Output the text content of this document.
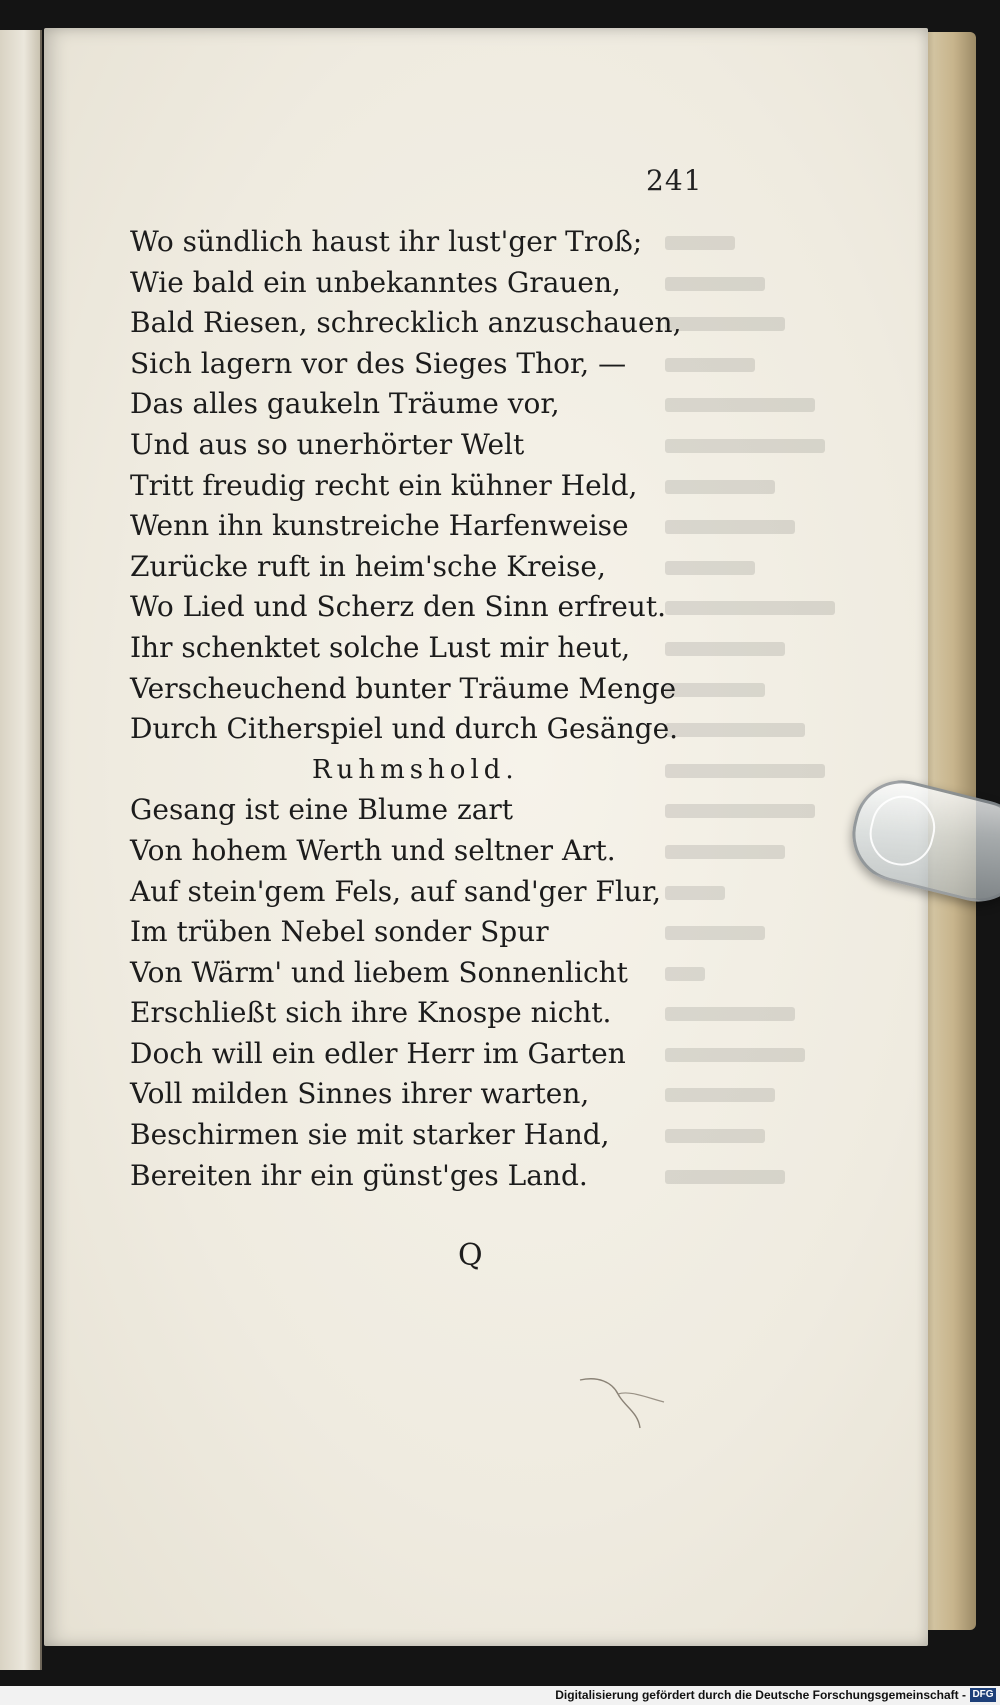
241
Wo sündlich haust ihr lust'ger Troß;
Wie bald ein unbekanntes Grauen,
Bald Riesen, schrecklich anzuschauen,
Sich lagern vor des Sieges Thor, —
Das alles gaukeln Träume vor,
Und aus so unerhörter Welt
Tritt freudig recht ein kühner Held,
Wenn ihn kunstreiche Harfenweise
Zurücke ruft in heim'sche Kreise,
Wo Lied und Scherz den Sinn erfreut.
Ihr schenktet solche Lust mir heut,
Verscheuchend bunter Träume Menge
Durch Citherspiel und durch Gesänge.
Ruhmshold.
Gesang ist eine Blume zart
Von hohem Werth und seltner Art.
Auf stein'gem Fels, auf sand'ger Flur,
Im trüben Nebel sonder Spur
Von Wärm' und liebem Sonnenlicht
Erschließt sich ihre Knospe nicht.
Doch will ein edler Herr im Garten
Voll milden Sinnes ihrer warten,
Beschirmen sie mit starker Hand,
Bereiten ihr ein günst'ges Land.
Q
Digitalisierung gefördert durch die Deutsche Forschungsgemeinschaft - DFG
